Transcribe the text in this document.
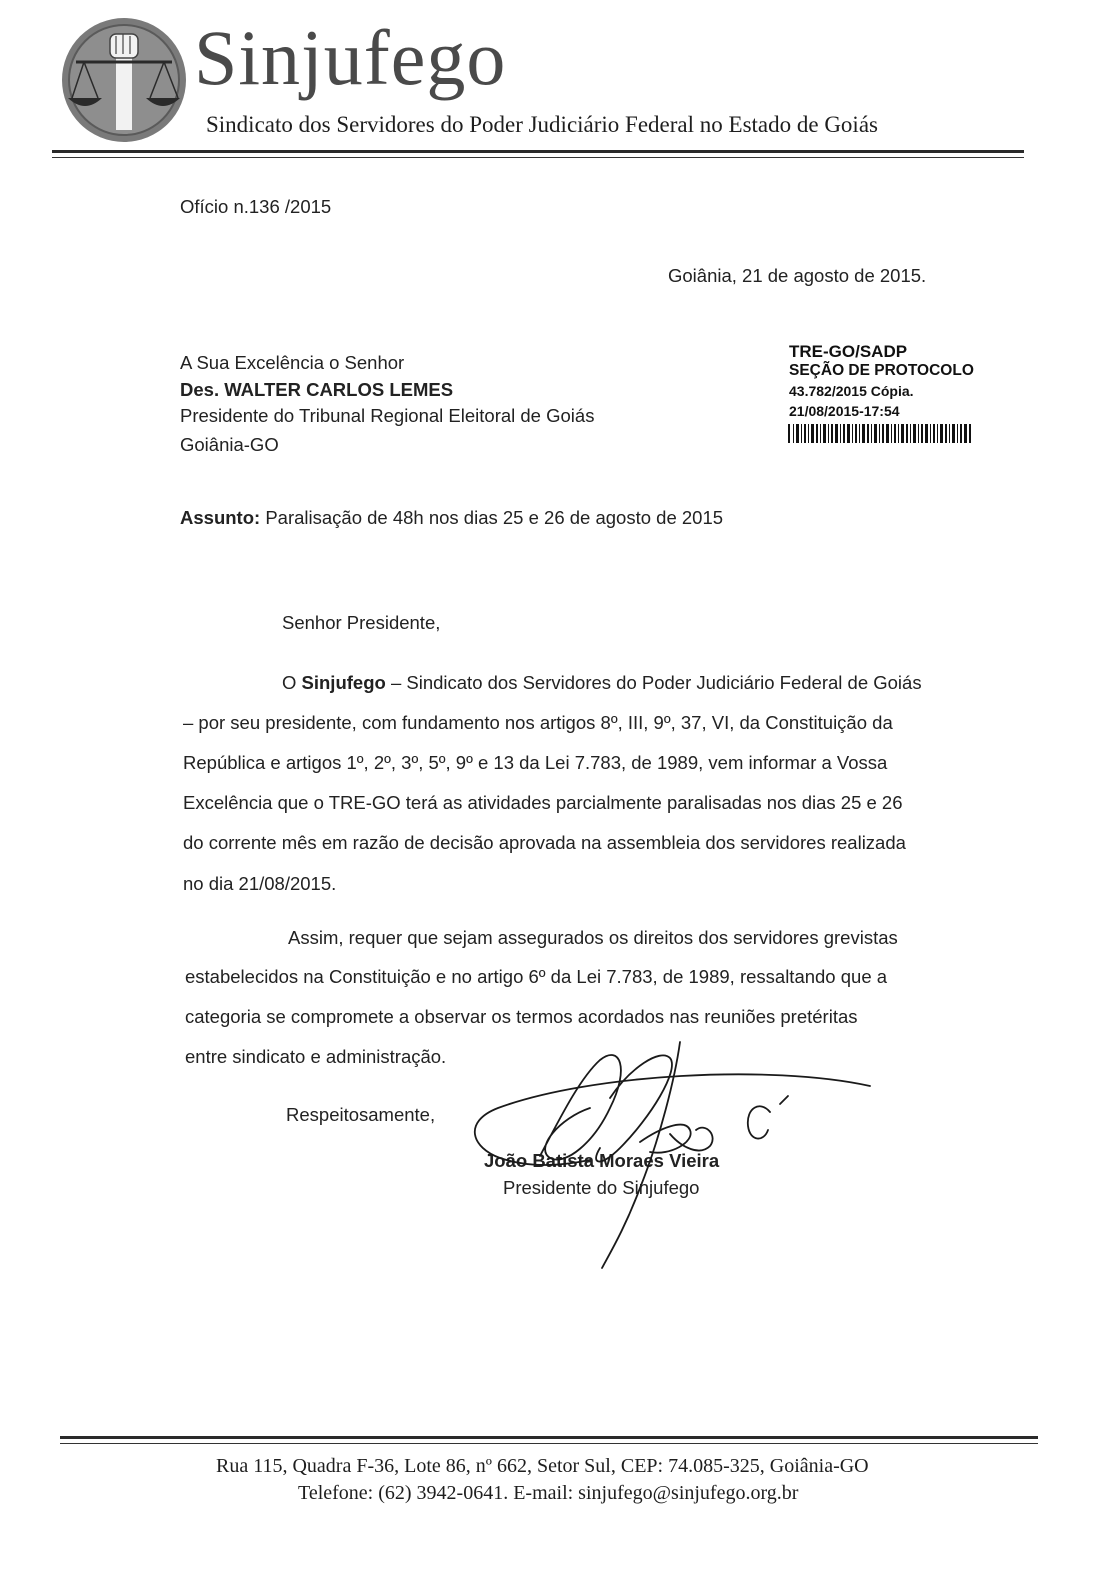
Sinjufego
Sindicato dos Servidores do Poder Judiciário Federal no Estado de Goiás
Ofício n.136 /2015
Goiânia, 21 de agosto de 2015.
A Sua Excelência o Senhor
Des. WALTER CARLOS LEMES
Presidente do Tribunal Regional Eleitoral de Goiás
Goiânia-GO
TRE-GO/SADP
SEÇÃO DE PROTOCOLO
43.782/2015 Cópia.
21/08/2015-17:54
Assunto: Paralisação de 48h nos dias 25 e 26 de agosto de 2015
Senhor Presidente,
O Sinjufego – Sindicato dos Servidores do Poder Judiciário Federal de Goiás
– por seu presidente, com fundamento nos artigos 8º, III, 9º, 37, VI, da Constituição da
República e artigos 1º, 2º, 3º, 5º, 9º e 13 da Lei 7.783, de 1989, vem informar a Vossa
Excelência que o TRE-GO terá as atividades parcialmente paralisadas nos dias 25 e 26
do corrente mês em razão de decisão aprovada na assembleia dos servidores realizada
no dia 21/08/2015.
Assim, requer que sejam assegurados os direitos dos servidores grevistas
estabelecidos na Constituição e no artigo 6º da Lei 7.783, de 1989, ressaltando que a
categoria se compromete a observar os termos acordados nas reuniões pretéritas
entre sindicato e administração.
Respeitosamente,
João Batista Moraes Vieira
Presidente do Sinjufego
Rua 115, Quadra F-36, Lote 86, nº 662, Setor Sul, CEP: 74.085-325, Goiânia-GO
Telefone: (62) 3942-0641. E-mail: sinjufego@sinjufego.org.br
